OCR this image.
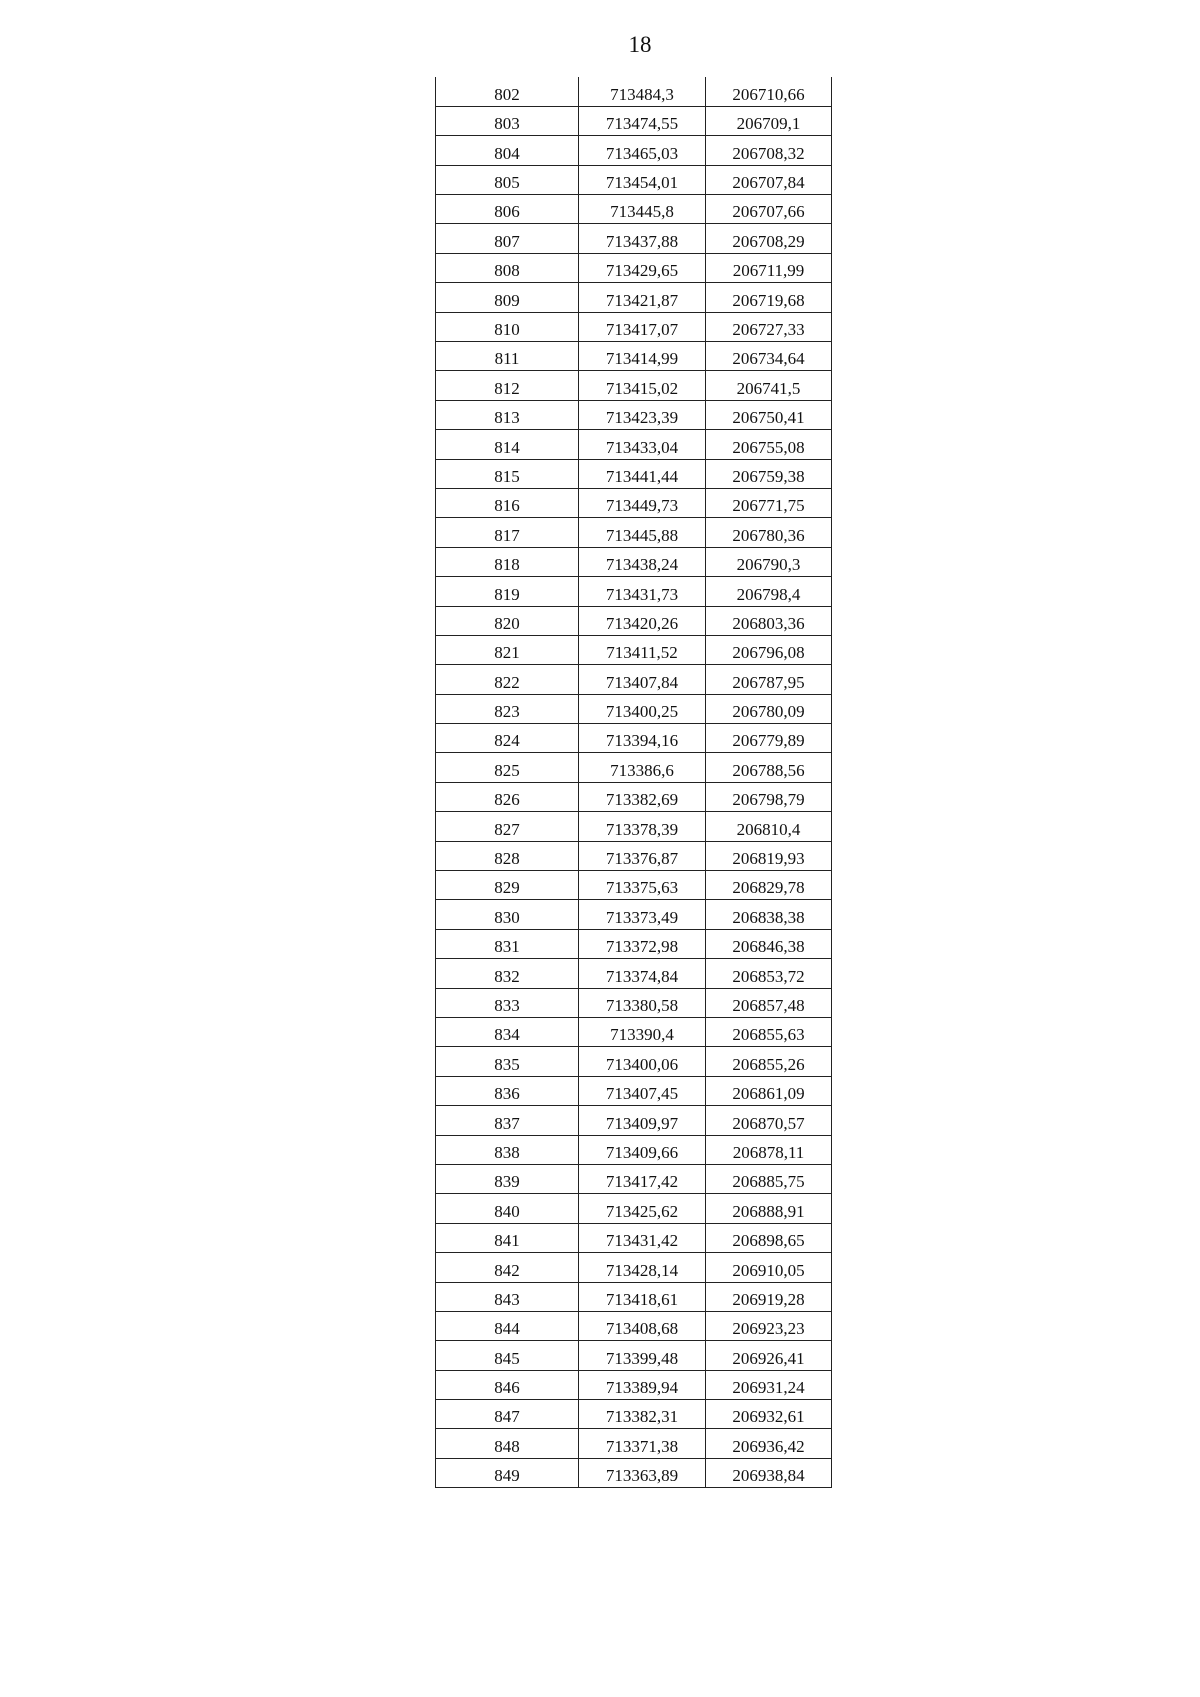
18
802	713484,3	206710,66
803	713474,55	206709,1
804	713465,03	206708,32
805	713454,01	206707,84
806	713445,8	206707,66
807	713437,88	206708,29
808	713429,65	206711,99
809	713421,87	206719,68
810	713417,07	206727,33
811	713414,99	206734,64
812	713415,02	206741,5
813	713423,39	206750,41
814	713433,04	206755,08
815	713441,44	206759,38
816	713449,73	206771,75
817	713445,88	206780,36
818	713438,24	206790,3
819	713431,73	206798,4
820	713420,26	206803,36
821	713411,52	206796,08
822	713407,84	206787,95
823	713400,25	206780,09
824	713394,16	206779,89
825	713386,6	206788,56
826	713382,69	206798,79
827	713378,39	206810,4
828	713376,87	206819,93
829	713375,63	206829,78
830	713373,49	206838,38
831	713372,98	206846,38
832	713374,84	206853,72
833	713380,58	206857,48
834	713390,4	206855,63
835	713400,06	206855,26
836	713407,45	206861,09
837	713409,97	206870,57
838	713409,66	206878,11
839	713417,42	206885,75
840	713425,62	206888,91
841	713431,42	206898,65
842	713428,14	206910,05
843	713418,61	206919,28
844	713408,68	206923,23
845	713399,48	206926,41
846	713389,94	206931,24
847	713382,31	206932,61
848	713371,38	206936,42
849	713363,89	206938,84
